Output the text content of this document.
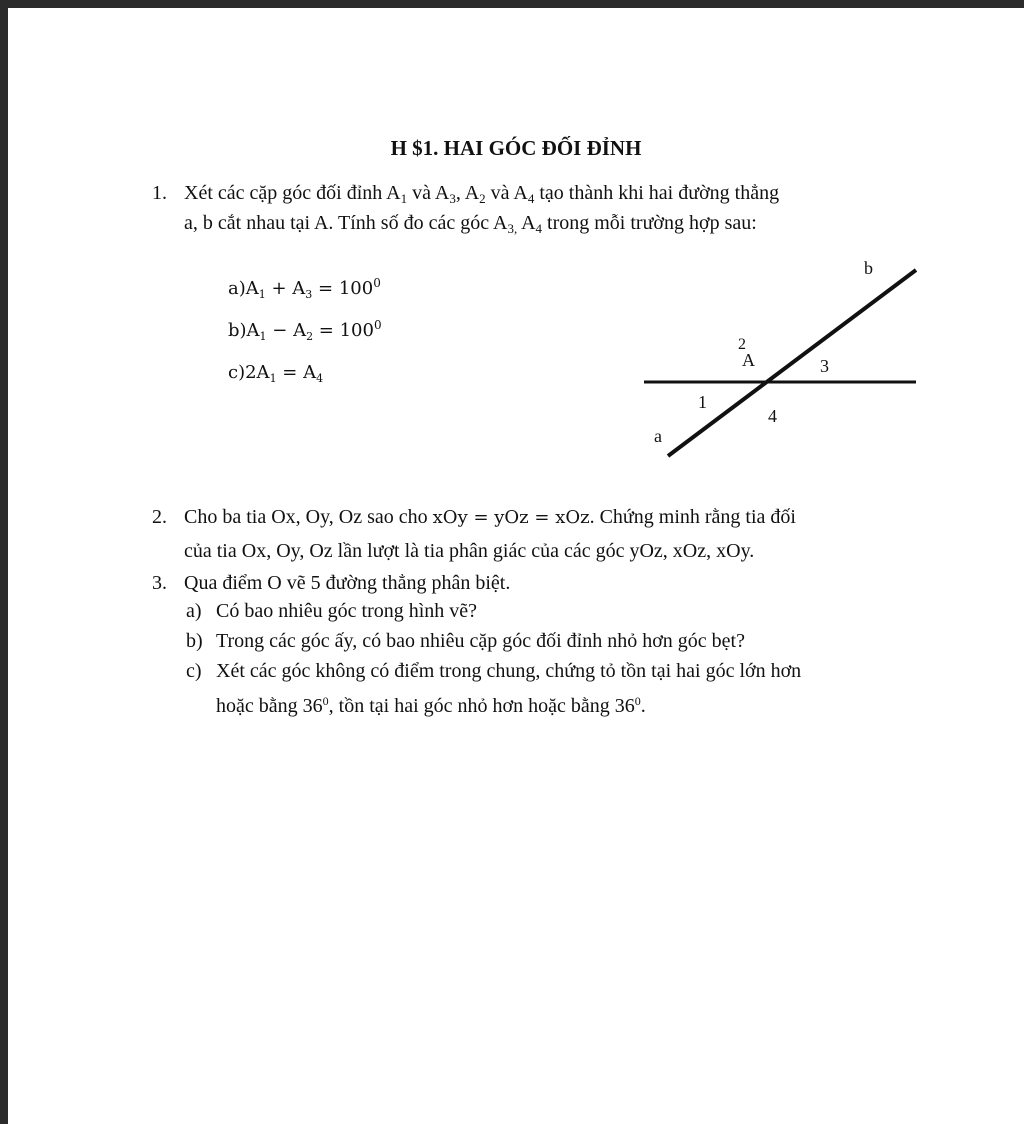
H $1. HAI GÓC ĐỐI ĐỈNH
1. Xét các cặp góc đối đỉnh $A_1$ và $A_3$, $A_2$ và $A_4$ tạo thành khi hai đường thẳng
a, b cắt nhau tại A. Tính số đo các góc $A_{3,}$ $A_4$ trong mỗi trường hợp sau:
$a)A_1 + A_3 = 100^0$
$b)A_1 - A_2 = 100^0$
$c)2A_1 = A_4$
b
a
A
2
3
1
4
2. Cho ba tia Ox, Oy, Oz sao cho xOy = yOz = xOz. Chứng minh rằng tia đối
của tia Ox, Oy, Oz lần lượt là tia phân giác của các góc yOz, xOz, xOy.
3. Qua điểm O vẽ 5 đường thẳng phân biệt.
a) Có bao nhiêu góc trong hình vẽ?
b) Trong các góc ấy, có bao nhiêu cặp góc đối đỉnh nhỏ hơn góc bẹt?
c) Xét các góc không có điểm trong chung, chứng tỏ tồn tại hai góc lớn hơn
hoặc bằng $36^0$, tồn tại hai góc nhỏ hơn hoặc bằng $36^0$.
